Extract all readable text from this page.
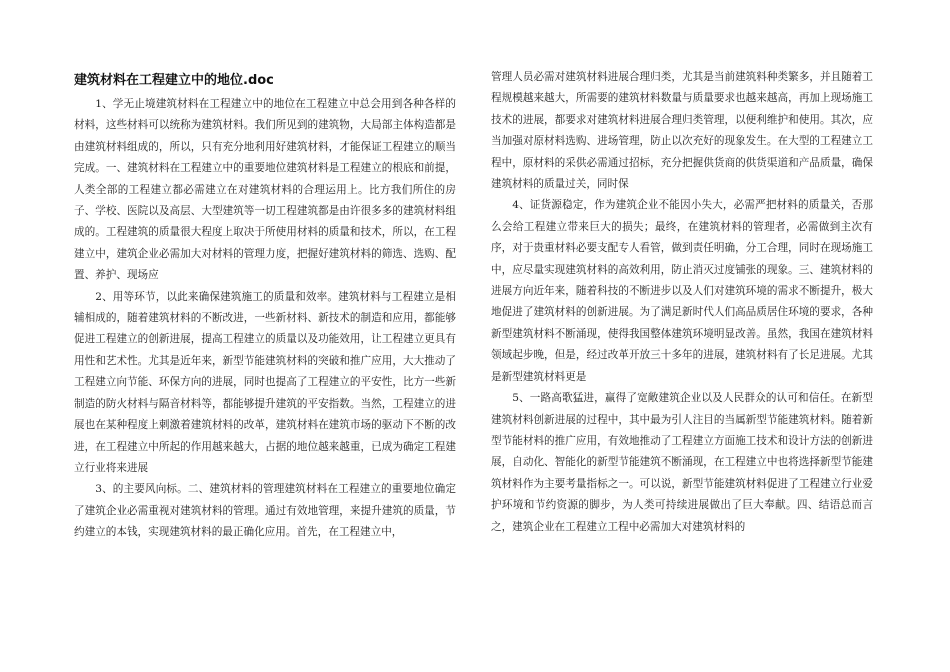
建筑材料在工程建立中的地位.doc

1、学无止境建筑材料在工程建立中的地位在工程建立中总会用到各种各样的材料，这些材料可以统称为建筑材料。我们所见到的建筑物，大局部主体构造都是由建筑材料组成的，所以，只有充分地利用好建筑材料，才能保证工程建立的顺当完成。一、建筑材料在工程建立中的重要地位建筑材料是工程建立的根底和前提，人类全部的工程建立都必需建立在对建筑材料的合理运用上。比方我们所住的房子、学校、医院以及高层、大型建筑等一切工程建筑都是由许很多多的建筑材料组成的。工程建筑的质量很大程度上取决于所使用材料的质量和技术，所以，在工程建立中，建筑企业必需加大对材料的管理力度，把握好建筑材料的筛选、选购、配置、养护、现场应

2、用等环节，以此来确保建筑施工的质量和效率。建筑材料与工程建立是相辅相成的，随着建筑材料的不断改进，一些新材料、新技术的制造和应用，都能够促进工程建立的创新进展，提高工程建立的质量以及功能效用，让工程建立更具有用性和艺术性。尤其是近年来，新型节能建筑材料的突破和推广应用，大大推动了工程建立向节能、环保方向的进展，同时也提高了工程建立的平安性，比方一些新制造的防火材料与隔音材料等，都能够提升建筑的平安指数。当然，工程建立的进展也在某种程度上刺激着建筑材料的改革，建筑材料在建筑市场的驱动下不断的改进，在工程建立中所起的作用越来越大，占据的地位越来越重，已成为确定工程建立行业将来进展

3、的主要风向标。二、建筑材料的管理建筑材料在工程建立的重要地位确定了建筑企业必需重视对建筑材料的管理。通过有效地管理，来提升建筑的质量，节约建立的本钱，实现建筑材料的最正确化应用。首先，在工程建立中，

管理人员必需对建筑材料进展合理归类，尤其是当前建筑料种类繁多，并且随着工程规模越来越大，所需要的建筑材料数量与质量要求也越来越高，再加上现场施工技术的进展，都要求对建筑材料进展合理归类管理，以便利维护和使用。其次，应当加强对原材料选购、进场管理，防止以次充好的现象发生。在大型的工程建立工程中，原材料的采供必需通过招标，充分把握供货商的供货渠道和产品质量，确保建筑材料的质量过关，同时保

4、证货源稳定，作为建筑企业不能因小失大，必需严把材料的质量关，否那么会给工程建立带来巨大的损失；最终，在建筑材料的管理者，必需做到主次有序，对于贵重材料必要支配专人看管，做到责任明确，分工合理，同时在现场施工中，应尽量实现建筑材料的高效利用，防止消灭过度铺张的现象。三、建筑材料的进展方向近年来，随着科技的不断进步以及人们对建筑环境的需求不断提升，极大地促进了建筑材料的创新进展。为了满足新时代人们高品质居住环境的要求，各种新型建筑材料不断涌现，使得我国整体建筑环境明显改善。虽然，我国在建筑材料领域起步晚，但是，经过改革开放三十多年的进展，建筑材料有了长足进展。尤其是新型建筑材料更是

5、一路高歌猛进，赢得了宽敞建筑企业以及人民群众的认可和信任。在新型建筑材料创新进展的过程中，其中最为引人注目的当属新型节能建筑材料。随着新型节能材料的推广应用，有效地推动了工程建立方面施工技术和设计方法的创新进展，自动化、智能化的新型节能建筑不断涌现，在工程建立中也将选择新型节能建筑材料作为主要考量指标之一。可以说，新型节能建筑材料促进了工程建立行业爱护环境和节约资源的脚步，为人类可持续进展做出了巨大奉献。四、结语总而言之，建筑企业在工程建立工程中必需加大对建筑材料的
